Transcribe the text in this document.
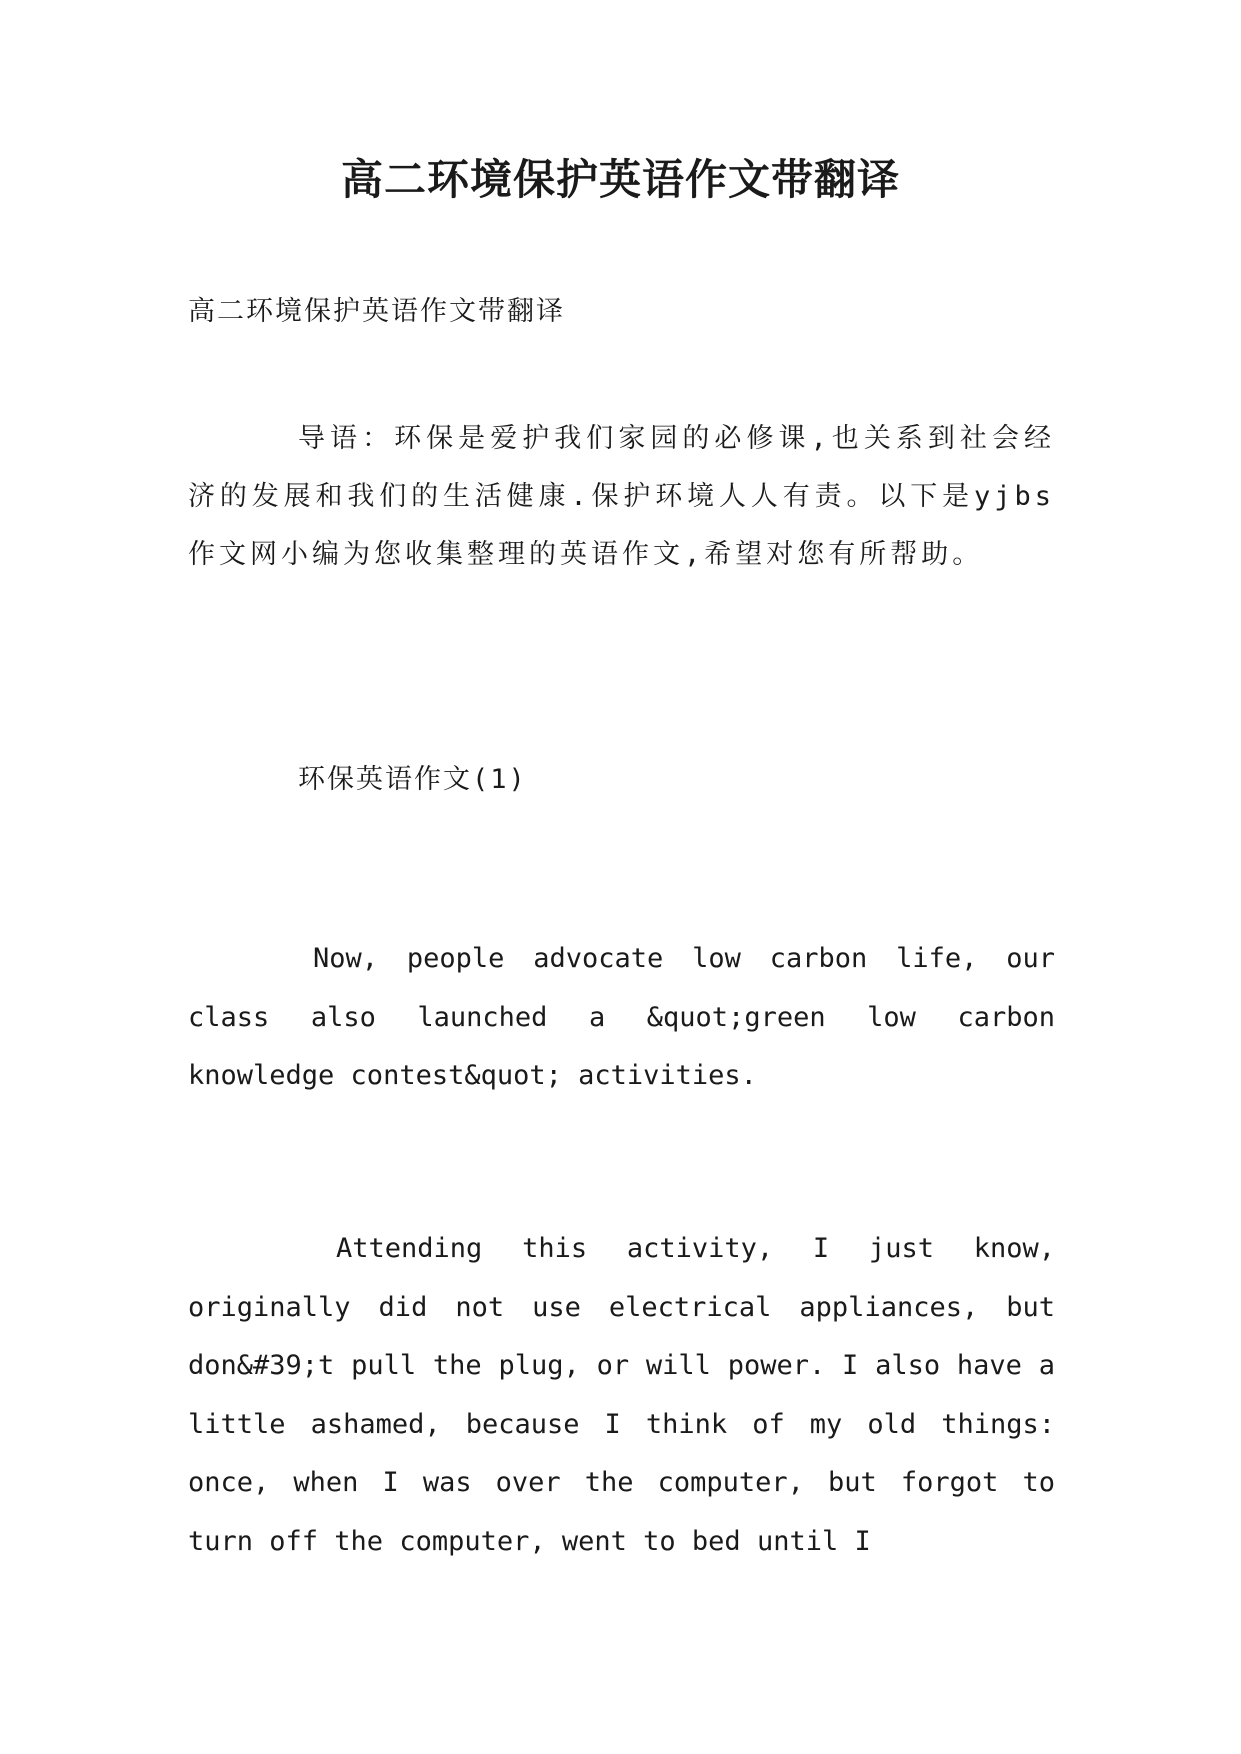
高二环境保护英语作文带翻译

高二环境保护英语作文带翻译

导语：环保是爱护我们家园的必修课,也关系到社会经济的发展和我们的生活健康.保护环境人人有责。以下是yjbs作文网小编为您收集整理的英语作文,希望对您有所帮助。

环保英语作文(1)

Now, people advocate low carbon life, our class also launched a &quot;green low carbon knowledge contest&quot; activities.

Attending this activity, I just know, originally did not use electrical appliances, but don&#39;t pull the plug, or will power. I also have a little ashamed, because I think of my old things: once, when I was over the computer, but forgot to turn off the computer, went to bed until I
